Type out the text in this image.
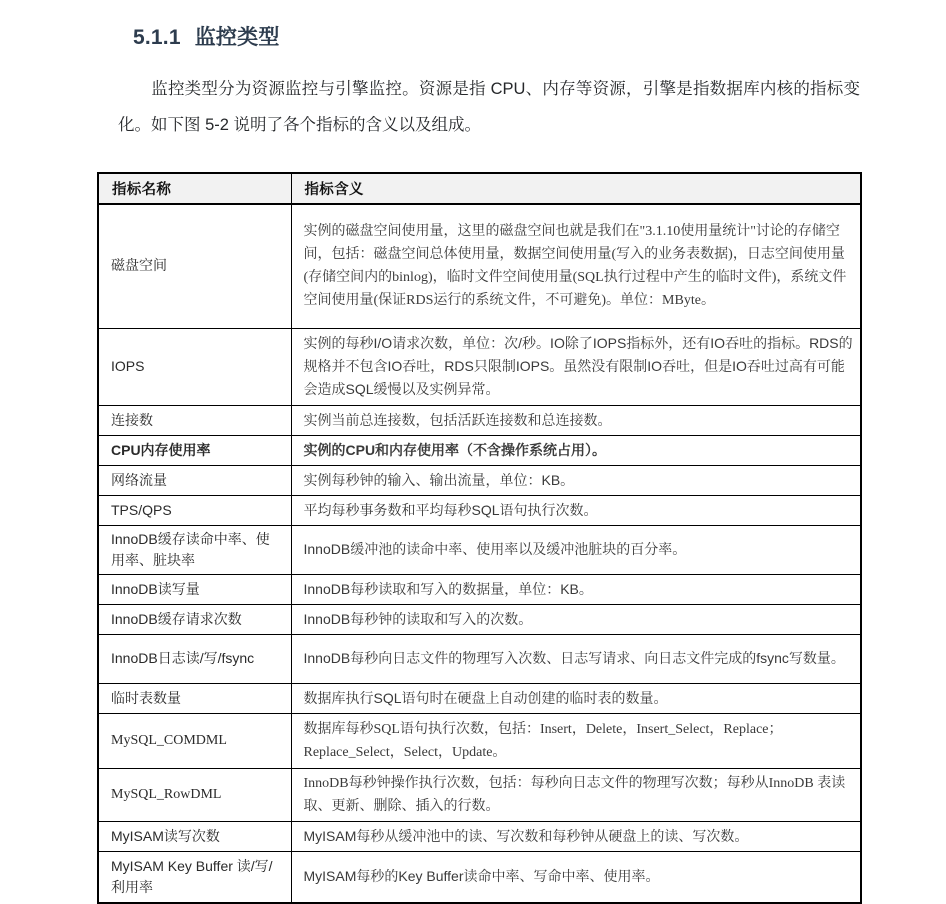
5.1.1 监控类型

监控类型分为资源监控与引擎监控。资源是指 CPU、内存等资源，引擎是指数据库内核的指标变化。如下图 5-2 说明了各个指标的含义以及组成。

指标名称	指标含义
磁盘空间	实例的磁盘空间使用量，这里的磁盘空间也就是我们在"3.1.10使用量统计"讨论的存储空间，包括：磁盘空间总体使用量，数据空间使用量(写入的业务表数据)，日志空间使用量(存储空间内的binlog)，临时文件空间使用量(SQL执行过程中产生的临时文件)，系统文件空间使用量(保证RDS运行的系统文件，不可避免)。单位：MByte。
IOPS	实例的每秒I/O请求次数，单位：次/秒。IO除了IOPS指标外，还有IO吞吐的指标。RDS的规格并不包含IO吞吐，RDS只限制IOPS。虽然没有限制IO吞吐，但是IO吞吐过高有可能会造成SQL缓慢以及实例异常。
连接数	实例当前总连接数，包括活跃连接数和总连接数。
CPU内存使用率	实例的CPU和内存使用率（不含操作系统占用）。
网络流量	实例每秒钟的输入、输出流量，单位：KB。
TPS/QPS	平均每秒事务数和平均每秒SQL语句执行次数。
InnoDB缓存读命中率、使用率、脏块率	InnoDB缓冲池的读命中率、使用率以及缓冲池脏块的百分率。
InnoDB读写量	InnoDB每秒读取和写入的数据量，单位：KB。
InnoDB缓存请求次数	InnoDB每秒钟的读取和写入的次数。
InnoDB日志读/写/fsync	InnoDB每秒向日志文件的物理写入次数、日志写请求、向日志文件完成的fsync写数量。
临时表数量	数据库执行SQL语句时在硬盘上自动创建的临时表的数量。
MySQL_COMDML	数据库每秒SQL语句执行次数，包括：Insert，Delete，Insert_Select，Replace；Replace_Select，Select，Update。
MySQL_RowDML	InnoDB每秒钟操作执行次数，包括：每秒向日志文件的物理写次数；每秒从InnoDB 表读取、更新、删除、插入的行数。
MyISAM读写次数	MyISAM每秒从缓冲池中的读、写次数和每秒钟从硬盘上的读、写次数。
MyISAM Key Buffer 读/写/利用率	MyISAM每秒的Key Buffer读命中率、写命中率、使用率。
